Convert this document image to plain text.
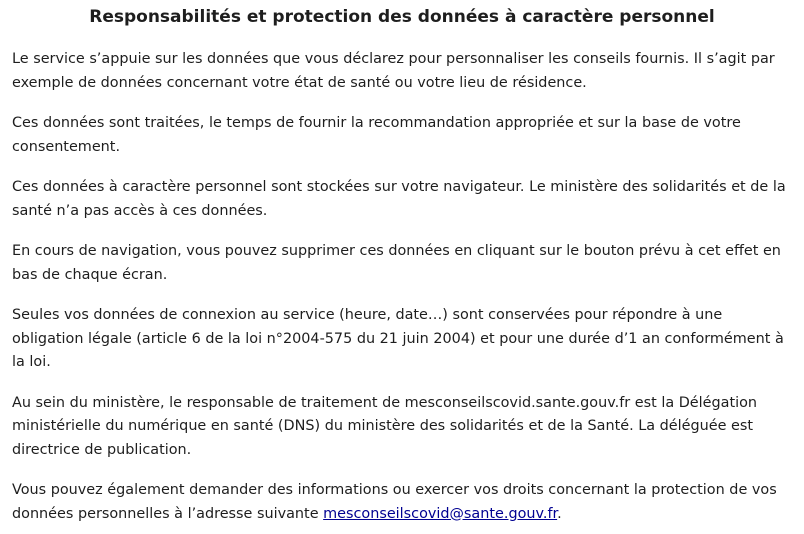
Responsabilités et protection des données à caractère personnel

Le service s’appuie sur les données que vous déclarez pour personnaliser les conseils fournis. Il s’agit par exemple de données concernant votre état de santé ou votre lieu de résidence.

Ces données sont traitées, le temps de fournir la recommandation appropriée et sur la base de votre consentement.

Ces données à caractère personnel sont stockées sur votre navigateur. Le ministère des solidarités et de la santé n’a pas accès à ces données.

En cours de navigation, vous pouvez supprimer ces données en cliquant sur le bouton prévu à cet effet en bas de chaque écran.

Seules vos données de connexion au service (heure, date…) sont conservées pour répondre à une obligation légale (article 6 de la loi n°2004-575 du 21 juin 2004) et pour une durée d’1 an conformément à la loi.

Au sein du ministère, le responsable de traitement de mesconseilscovid.sante.gouv.fr est la Délégation ministérielle du numérique en santé (DNS) du ministère des solidarités et de la Santé. La déléguée est directrice de publication.

Vous pouvez également demander des informations ou exercer vos droits concernant la protection de vos données personnelles à l’adresse suivante mesconseilscovid@sante.gouv.fr.
